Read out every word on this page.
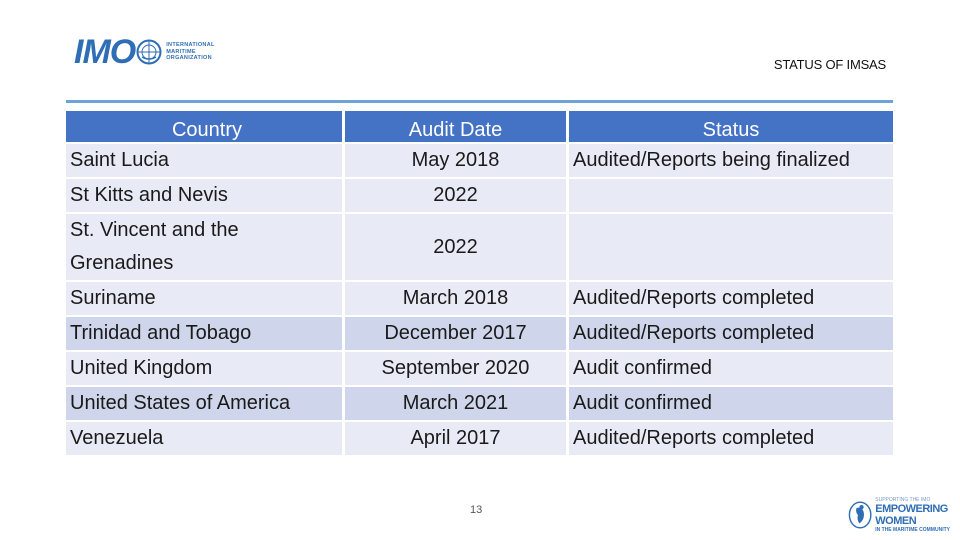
IMO	INTERNATIONAL
MARITIME
ORGANIZATION	STATUS OF IMSAS
Country	Audit Date	Status
Saint Lucia	May 2018	Audited/Reports being finalized
St Kitts and Nevis	2022	
St. Vincent and the Grenadines	2022	
Suriname	March 2018	Audited/Reports completed
Trinidad and Tobago	December 2017	Audited/Reports completed
United Kingdom	September 2020	Audit confirmed
United States of America	March 2021	Audit confirmed
Venezuela	April 2017	Audited/Reports completed
13
SUPPORTING THE IMO
EMPOWERING WOMEN
IN THE MARITIME COMMUNITY
